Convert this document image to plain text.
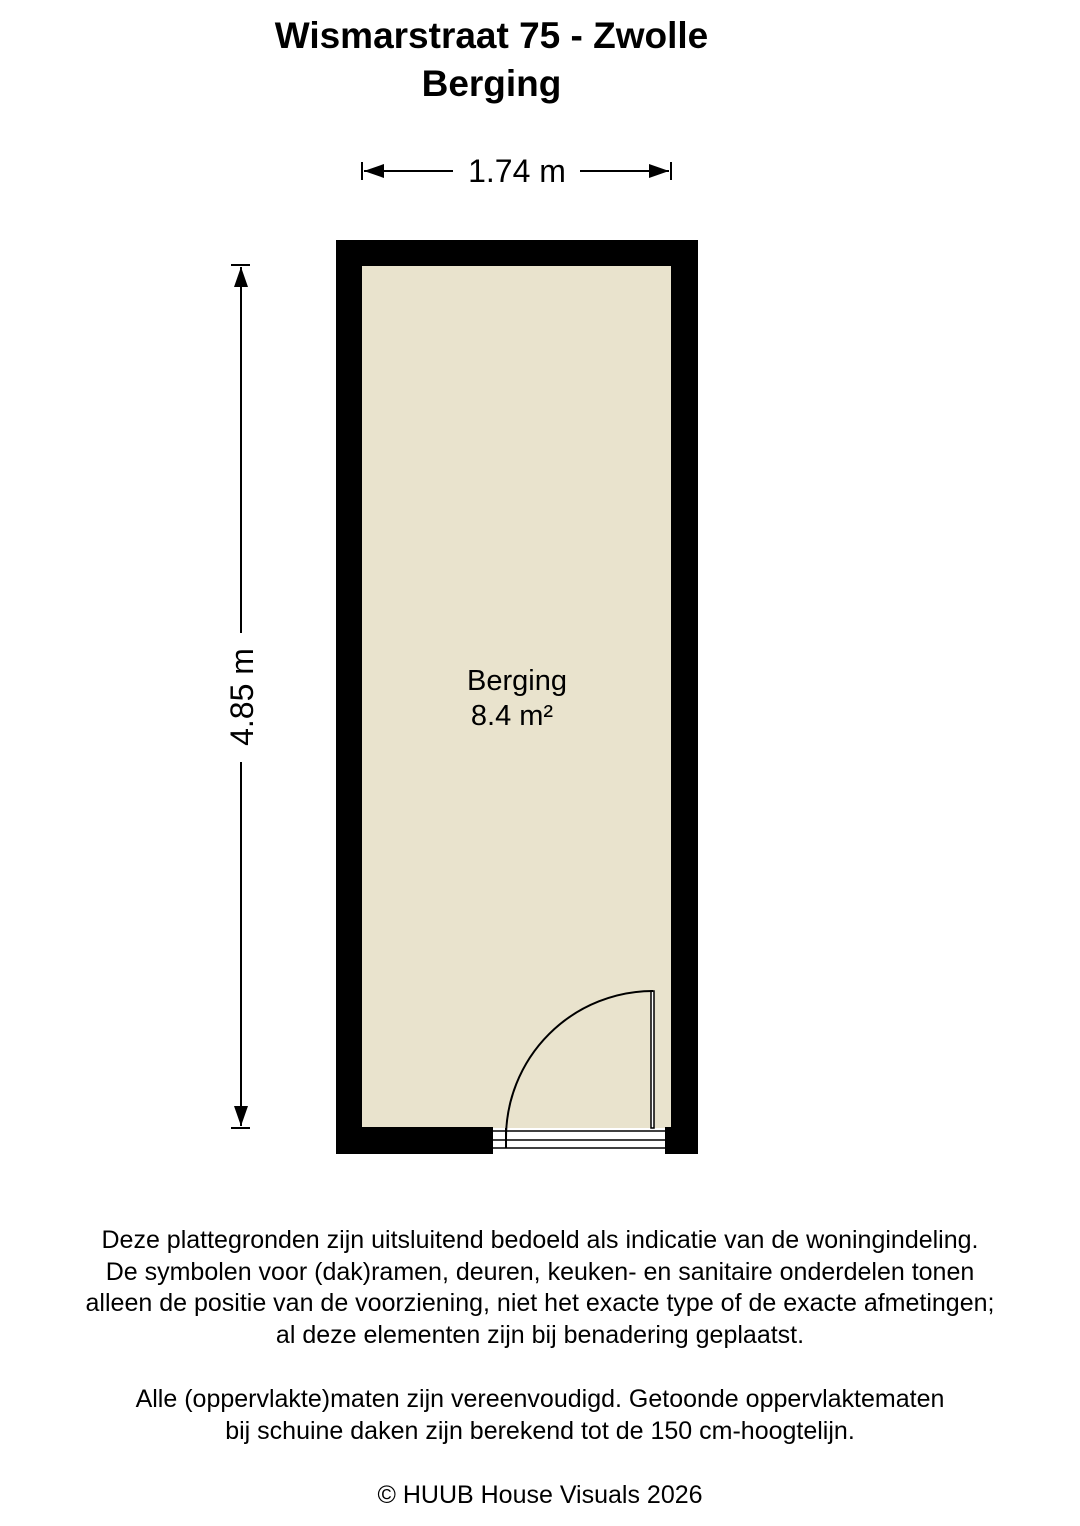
Wismarstraat 75 - Zwolle
Berging
1.74 m
4.85 m	Berging
8.4 m²

Deze plattegronden zijn uitsluitend bedoeld als indicatie van de woningindeling.

De symbolen voor (dak)ramen, deuren, keuken- en sanitaire onderdelen tonen

alleen de positie van de voorziening, niet het exacte type of de exacte afmetingen;

al deze elementen zijn bij benadering geplaatst.

Alle (oppervlakte)maten zijn vereenvoudigd. Getoonde oppervlaktematen

bij schuine daken zijn berekend tot de 150 cm-hoogtelijn.

© HUUB House Visuals 2026
